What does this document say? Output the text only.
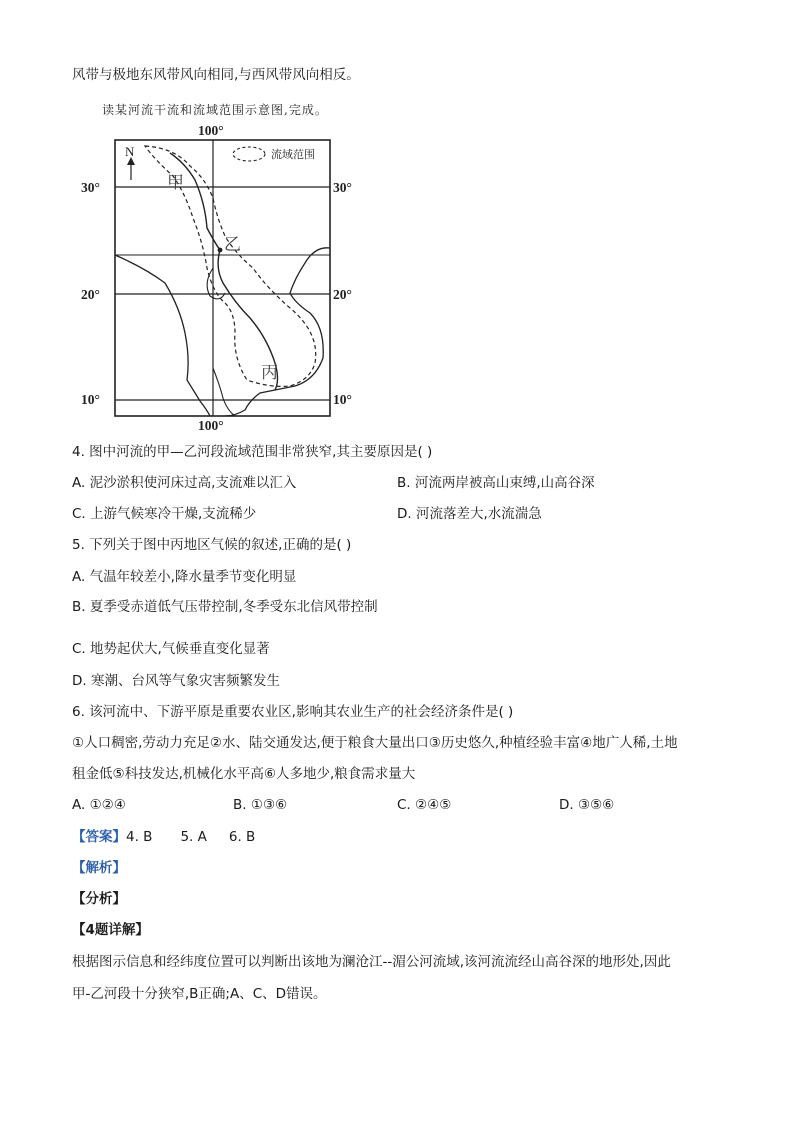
风带与极地东风带风向相同,与西风带风向相反。
读某河流干流和流域范围示意图,完成。
流域范围
N
100°
100°
30°	30°
20°	20°
10°	10°
甲
乙
丙
4. 图中河流的甲—乙河段流域范围非常狭窄,其主要原因是( )
A. 泥沙淤积使河床过高,支流难以汇入	B. 河流两岸被高山束缚,山高谷深
C. 上游气候寒冷干燥,支流稀少	D. 河流落差大,水流湍急
5. 下列关于图中丙地区气候的叙述,正确的是( )
A. 气温年较差小,降水量季节变化明显
B. 夏季受赤道低气压带控制,冬季受东北信风带控制
C. 地势起伏大,气候垂直变化显著
D. 寒潮、台风等气象灾害频繁发生
6. 该河流中、下游平原是重要农业区,影响其农业生产的社会经济条件是( )
①人口稠密,劳动力充足②水、陆交通发达,便于粮食大量出口③历史悠久,种植经验丰富④地广人稀,土地
租金低⑤科技发达,机械化水平高⑥人多地少,粮食需求量大
A. ①②④	B. ①③⑥	C. ②④⑤	D. ③⑤⑥
【答案】4. B 5. A 6. B
【解析】
【分析】
【4题详解】
根据图示信息和经纬度位置可以判断出该地为澜沧江--湄公河流域,该河流流经山高谷深的地形处,因此
甲-乙河段十分狭窄,B正确;A、C、D错误。
